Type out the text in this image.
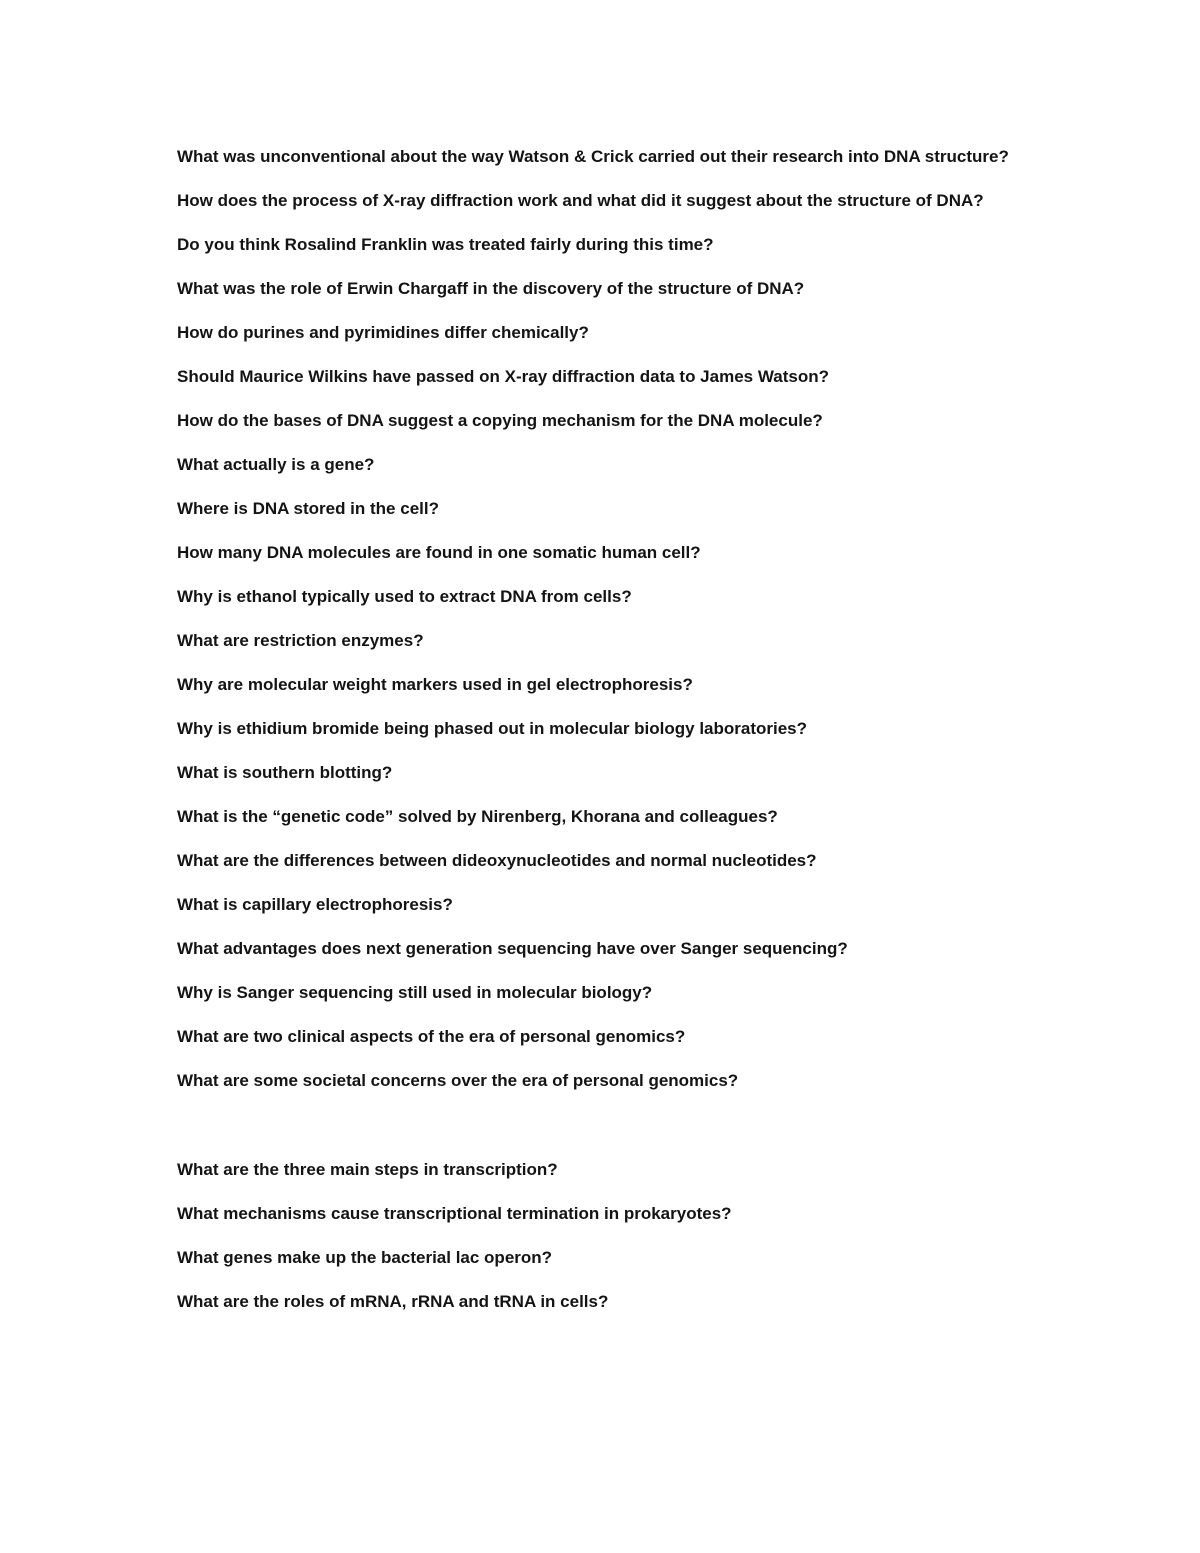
What was unconventional about the way Watson & Crick carried out their research into DNA structure?

How does the process of X-ray diffraction work and what did it suggest about the structure of DNA?

Do you think Rosalind Franklin was treated fairly during this time?

What was the role of Erwin Chargaff in the discovery of the structure of DNA?

How do purines and pyrimidines differ chemically?

Should Maurice Wilkins have passed on X-ray diffraction data to James Watson?

How do the bases of DNA suggest a copying mechanism for the DNA molecule?

What actually is a gene?

Where is DNA stored in the cell?

How many DNA molecules are found in one somatic human cell?

Why is ethanol typically used to extract DNA from cells?

What are restriction enzymes?

Why are molecular weight markers used in gel electrophoresis?

Why is ethidium bromide being phased out in molecular biology laboratories?

What is southern blotting?

What is the “genetic code” solved by Nirenberg, Khorana and colleagues?

What are the differences between dideoxynucleotides and normal nucleotides?

What is capillary electrophoresis?

What advantages does next generation sequencing have over Sanger sequencing?

Why is Sanger sequencing still used in molecular biology?

What are two clinical aspects of the era of personal genomics?

What are some societal concerns over the era of personal genomics?

What are the three main steps in transcription?

What mechanisms cause transcriptional termination in prokaryotes?

What genes make up the bacterial lac operon?

What are the roles of mRNA, rRNA and tRNA in cells?
